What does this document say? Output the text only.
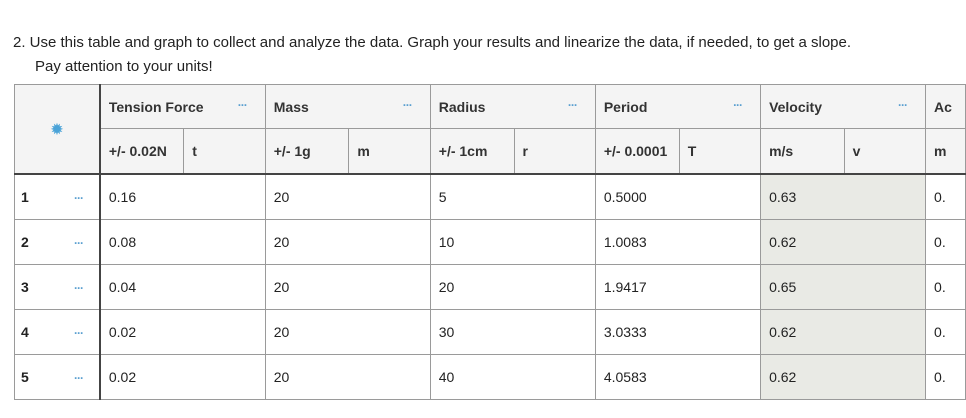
2. Use this table and graph to collect and analyze the data. Graph your results and linearize the data, if needed, to get a slope.
Pay attention to your units!
✹		Tension Force ···		Mass ···		Radius ···		Period ···		Velocity ···		Ac
		+/- 0.02N	t	+/- 1g	m	+/- 1cm	r	+/- 0.0001	T	m/s	v	m
1	···	0.16		20		5		0.5000		0.63		0.
2	···	0.08		20		10		1.0083		0.62		0.
3	···	0.04		20		20		1.9417		0.65		0.
4	···	0.02		20		30		3.0333		0.62		0.
5	···	0.02		20		40		4.0583		0.62		0.
